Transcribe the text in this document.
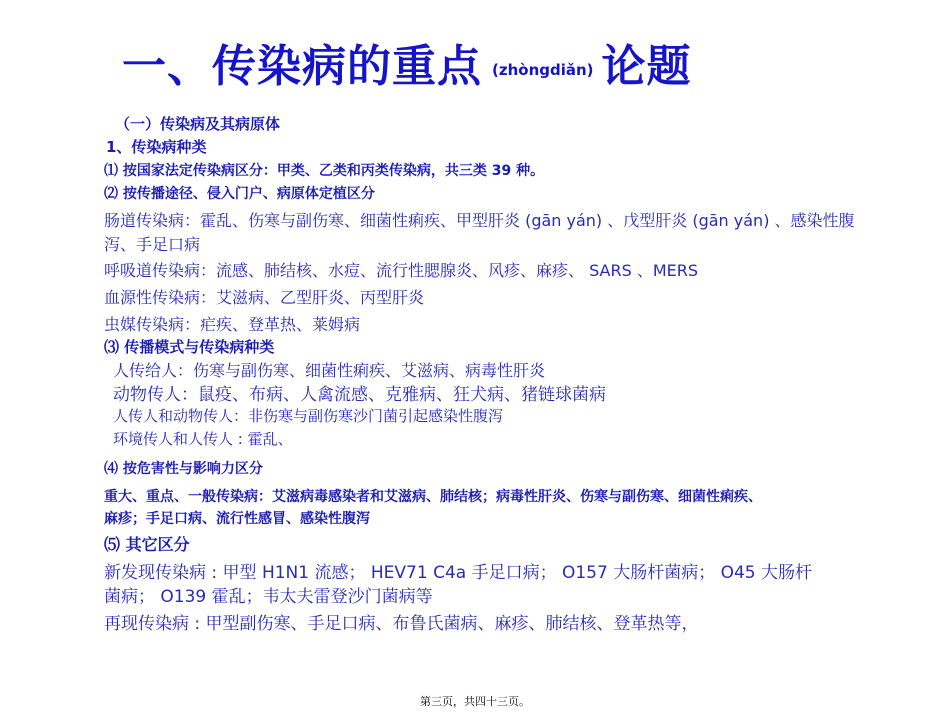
一、传染病的重点 (zhòngdiǎn) 论题
（一）传染病及其病原体
1、传染病种类
⑴ 按国家法定传染病区分：甲类、乙类和丙类传染病，共三类 39 种。
⑵ 按传播途径、侵入门户、病原体定植区分
肠道传染病：霍乱、伤寒与副伤寒、细菌性痢疾、甲型肝炎 (gān yán) 、戊型肝炎 (gān yán) 、感染性腹
泻、手足口病
呼吸道传染病：流感、肺结核、水痘、流行性腮腺炎、风疹、麻疹、 SARS 、MERS
血源性传染病：艾滋病、乙型肝炎、丙型肝炎
虫媒传染病：疟疾、登革热、莱姆病
⑶ 传播模式与传染病种类
人传给人：伤寒与副伤寒、细菌性痢疾、艾滋病、病毒性肝炎
动物传人：鼠疫、布病、人禽流感、克雅病、狂犬病、猪链球菌病
人传人和动物传人：非伤寒与副伤寒沙门菌引起感染性腹泻
环境传人和人传人 : 霍乱、
⑷ 按危害性与影响力区分
重大、重点、一般传染病：艾滋病毒感染者和艾滋病、肺结核；病毒性肝炎、伤寒与副伤寒、细菌性痢疾、
麻疹；手足口病、流行性感冒、感染性腹泻
⑸ 其它区分
新发现传染病 : 甲型 H1N1 流感； HEV71 C4a 手足口病； O157 大肠杆菌病； O45 大肠杆
菌病； O139 霍乱；韦太夫雷登沙门菌病等
再现传染病 : 甲型副伤寒、手足口病、布鲁氏菌病、麻疹、肺结核、登革热等，
第三页，共四十三页。
